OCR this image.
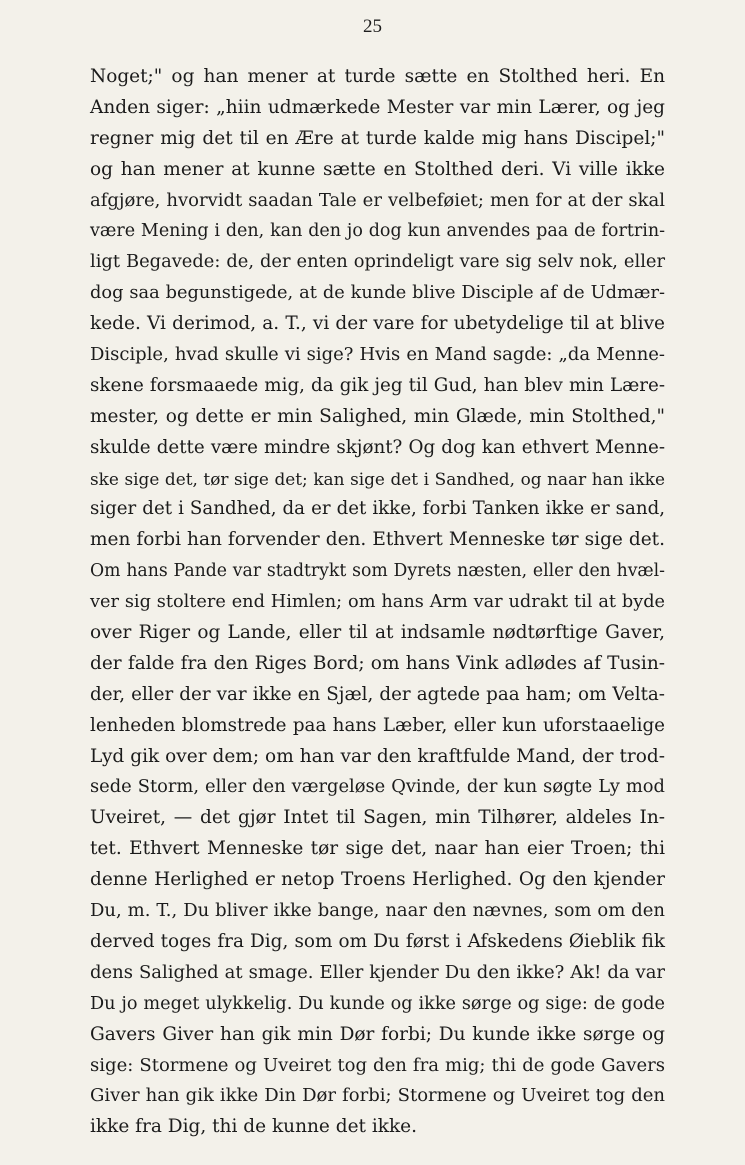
25
Noget;" og han mener at turde sætte en Stolthed heri. En
Anden siger: „hiin udmærkede Mester var min Lærer, og jeg
regner mig det til en Ære at turde kalde mig hans Discipel;"
og han mener at kunne sætte en Stolthed deri. Vi ville ikke
afgjøre, hvorvidt saadan Tale er velbeføiet; men for at der skal
være Mening i den, kan den jo dog kun anvendes paa de fortrin-
ligt Begavede: de, der enten oprindeligt vare sig selv nok, eller
dog saa begunstigede, at de kunde blive Disciple af de Udmær-
kede. Vi derimod, a. T., vi der vare for ubetydelige til at blive
Disciple, hvad skulle vi sige? Hvis en Mand sagde: „da Menne-
skene forsmaaede mig, da gik jeg til Gud, han blev min Lære-
mester, og dette er min Salighed, min Glæde, min Stolthed,"
skulde dette være mindre skjønt? Og dog kan ethvert Menne-
ske sige det, tør sige det; kan sige det i Sandhed, og naar han ikke
siger det i Sandhed, da er det ikke, forbi Tanken ikke er sand,
men forbi han forvender den. Ethvert Menneske tør sige det.
Om hans Pande var stadtrykt som Dyrets næsten, eller den hvæl-
ver sig stoltere end Himlen; om hans Arm var udrakt til at byde
over Riger og Lande, eller til at indsamle nødtørftige Gaver,
der falde fra den Riges Bord; om hans Vink adlødes af Tusin-
der, eller der var ikke en Sjæl, der agtede paa ham; om Velta-
lenheden blomstrede paa hans Læber, eller kun uforstaaelige
Lyd gik over dem; om han var den kraftfulde Mand, der trod-
sede Storm, eller den værgeløse Qvinde, der kun søgte Ly mod
Uveiret, — det gjør Intet til Sagen, min Tilhører, aldeles In-
tet. Ethvert Menneske tør sige det, naar han eier Troen; thi
denne Herlighed er netop Troens Herlighed. Og den kjender
Du, m. T., Du bliver ikke bange, naar den nævnes, som om den
derved toges fra Dig, som om Du først i Afskedens Øieblik fik
dens Salighed at smage. Eller kjender Du den ikke? Ak! da var
Du jo meget ulykkelig. Du kunde og ikke sørge og sige: de gode
Gavers Giver han gik min Dør forbi; Du kunde ikke sørge og
sige: Stormene og Uveiret tog den fra mig; thi de gode Gavers
Giver han gik ikke Din Dør forbi; Stormene og Uveiret tog den
ikke fra Dig, thi de kunne det ikke.
